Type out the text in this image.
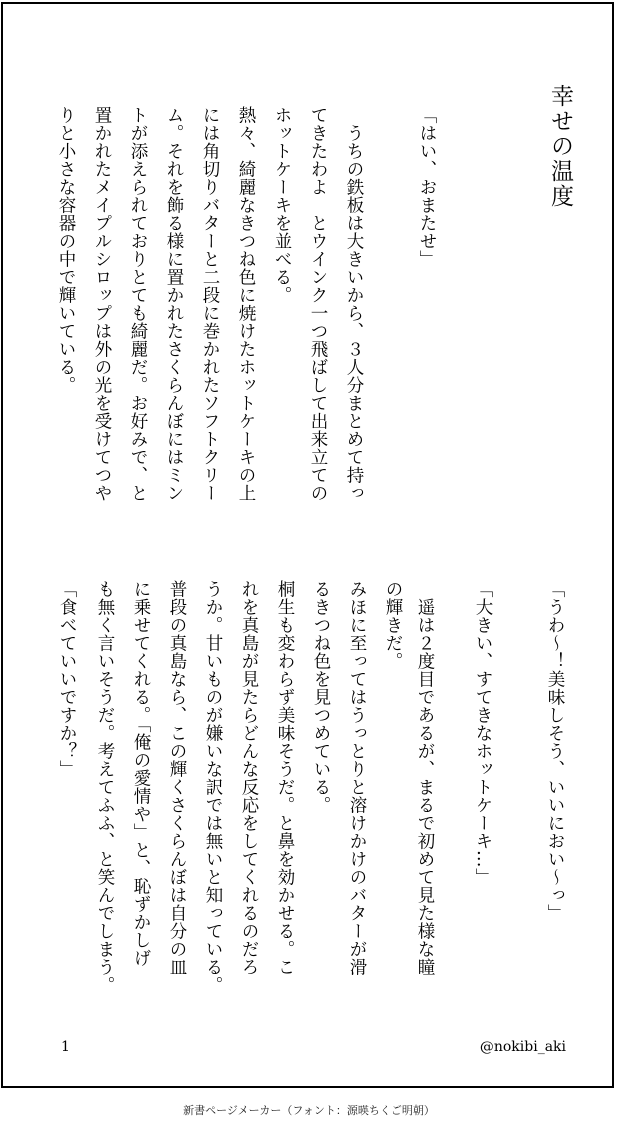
幸せの温度
「はい、おまたせ」
　うちの鉄板は大きいから、３人分まとめて持っ
てきたわよ　とウインク一つ飛ばして出来立ての
ホットケーキを並べる。
熱々、綺麗なきつね色に焼けたホットケーキの上
には角切りバターと二段に巻かれたソフトクリー
ム。それを飾る様に置かれたさくらんぼにはミン
トが添えられておりとても綺麗だ。お好みで、と
置かれたメイプルシロップは外の光を受けてつや
りと小さな容器の中で輝いている。
「うわ〜！美味しそう、いいにおい〜っ」
「大きい、すてきなホットケーキ…」
　遥は２度目であるが、まるで初めて見た様な瞳
の輝きだ。
みほに至ってはうっとりと溶けかけのバターが滑
るきつね色を見つめている。
桐生も変わらず美味そうだ。と鼻を効かせる。こ
れを真島が見たらどんな反応をしてくれるのだろ
うか。甘いものが嫌いな訳では無いと知っている。
普段の真島なら、この輝くさくらんぼは自分の皿
に乗せてくれる。「俺の愛情や」と、恥ずかしげ
も無く言いそうだ。考えてふふ、と笑んでしまう。
「食べていいですか？」
@nokibi_aki
1
新書ページメーカー（フォント：源暎ちくご明朝）
